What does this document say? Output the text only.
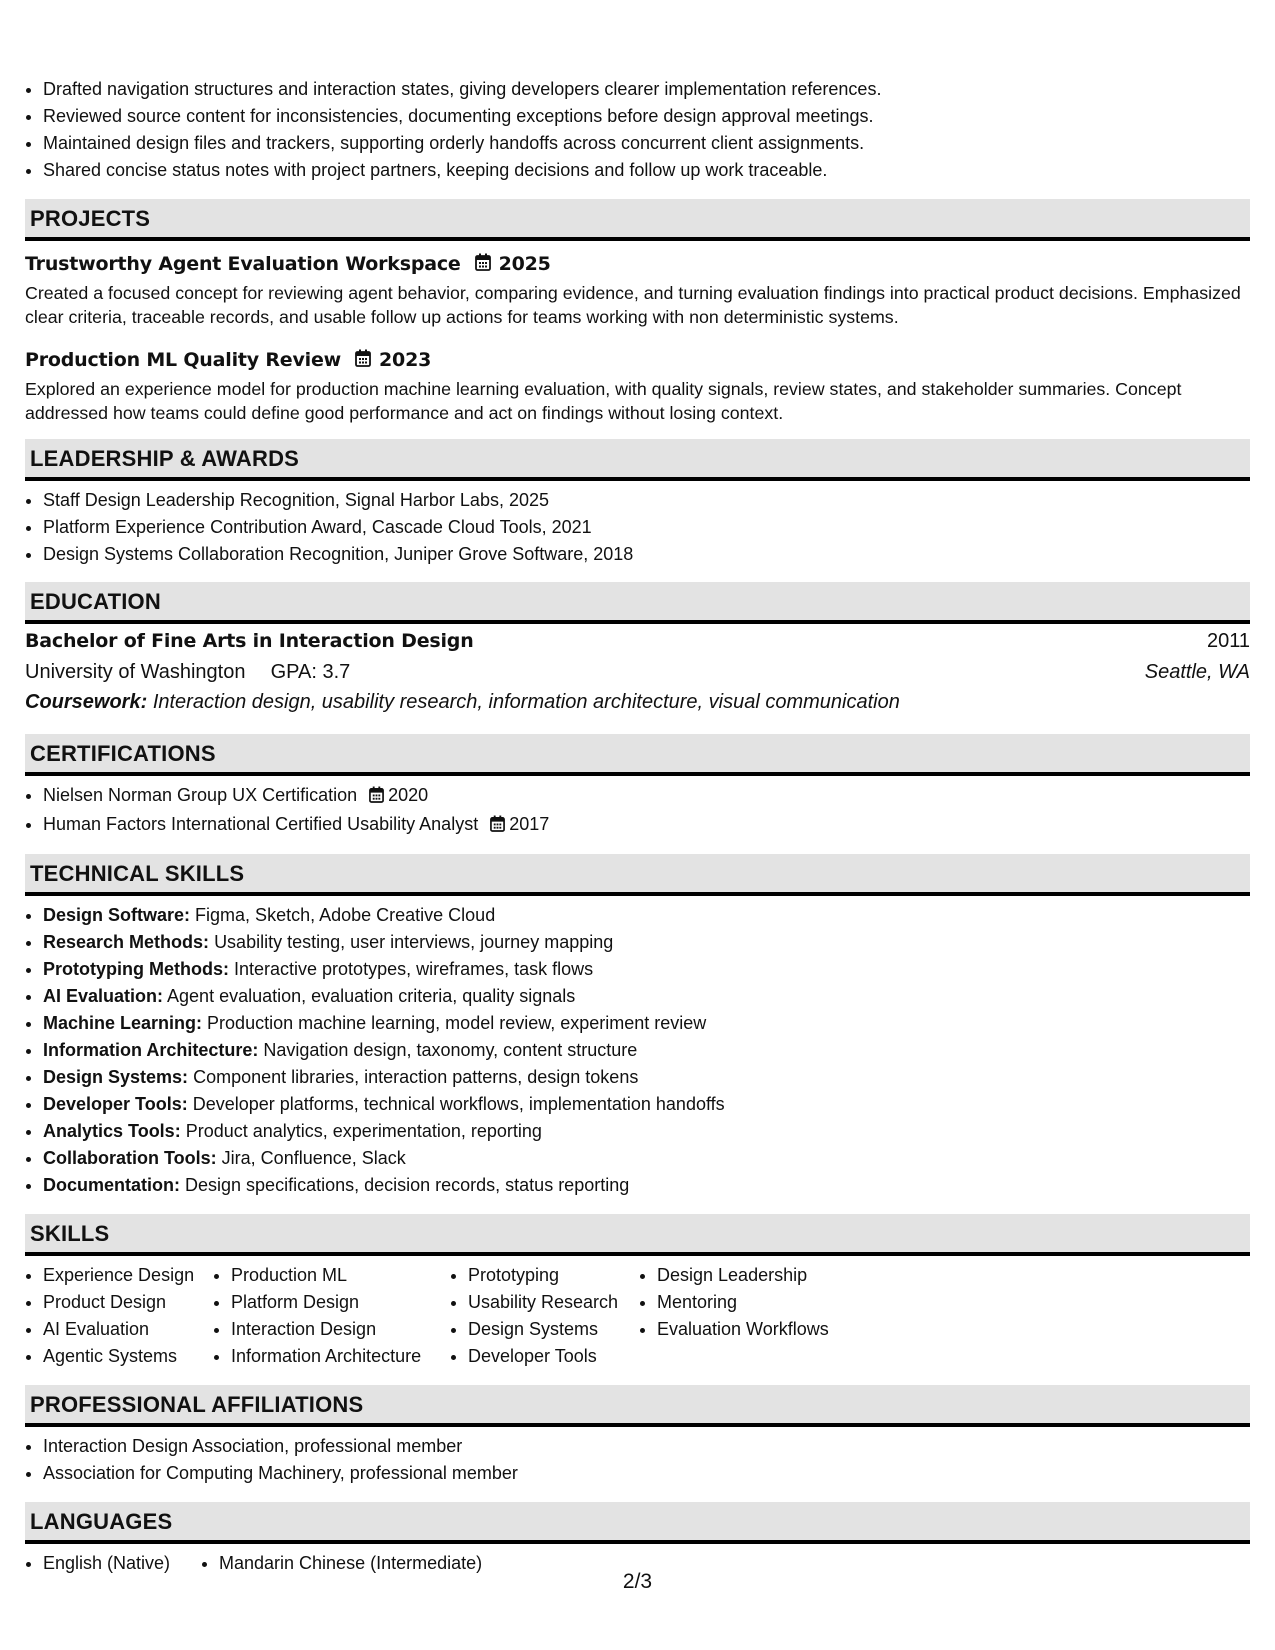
• Drafted navigation structures and interaction states, giving developers clearer implementation references.
• Reviewed source content for inconsistencies, documenting exceptions before design approval meetings.
• Maintained design files and trackers, supporting orderly handoffs across concurrent client assignments.
• Shared concise status notes with project partners, keeping decisions and follow up work traceable.
PROJECTS
Trustworthy Agent Evaluation Workspace 2025
Created a focused concept for reviewing agent behavior, comparing evidence, and turning evaluation findings into practical product decisions. Emphasized clear criteria, traceable records, and usable follow up actions for teams working with non deterministic systems.
Production ML Quality Review 2023
Explored an experience model for production machine learning evaluation, with quality signals, review states, and stakeholder summaries. Concept addressed how teams could define good performance and act on findings without losing context.
LEADERSHIP & AWARDS
• Staff Design Leadership Recognition, Signal Harbor Labs, 2025
• Platform Experience Contribution Award, Cascade Cloud Tools, 2021
• Design Systems Collaboration Recognition, Juniper Grove Software, 2018
EDUCATION
Bachelor of Fine Arts in Interaction Design	2011
University of Washington GPA: 3.7	Seattle, WA
Coursework: Interaction design, usability research, information architecture, visual communication
CERTIFICATIONS
• Nielsen Norman Group UX Certification 2020
• Human Factors International Certified Usability Analyst 2017
TECHNICAL SKILLS
• Design Software: Figma, Sketch, Adobe Creative Cloud
• Research Methods: Usability testing, user interviews, journey mapping
• Prototyping Methods: Interactive prototypes, wireframes, task flows
• AI Evaluation: Agent evaluation, evaluation criteria, quality signals
• Machine Learning: Production machine learning, model review, experiment review
• Information Architecture: Navigation design, taxonomy, content structure
• Design Systems: Component libraries, interaction patterns, design tokens
• Developer Tools: Developer platforms, technical workflows, implementation handoffs
• Analytics Tools: Product analytics, experimentation, reporting
• Collaboration Tools: Jira, Confluence, Slack
• Documentation: Design specifications, decision records, status reporting
SKILLS
• Experience Design
• Product Design
• AI Evaluation
• Agentic Systems
• Production ML
• Platform Design
• Interaction Design
• Information Architecture
• Prototyping
• Usability Research
• Design Systems
• Developer Tools
• Design Leadership
• Mentoring
• Evaluation Workflows
PROFESSIONAL AFFILIATIONS
• Interaction Design Association, professional member
• Association for Computing Machinery, professional member
LANGUAGES
• English (Native)
•	Mandarin Chinese (Intermediate)
2/3
